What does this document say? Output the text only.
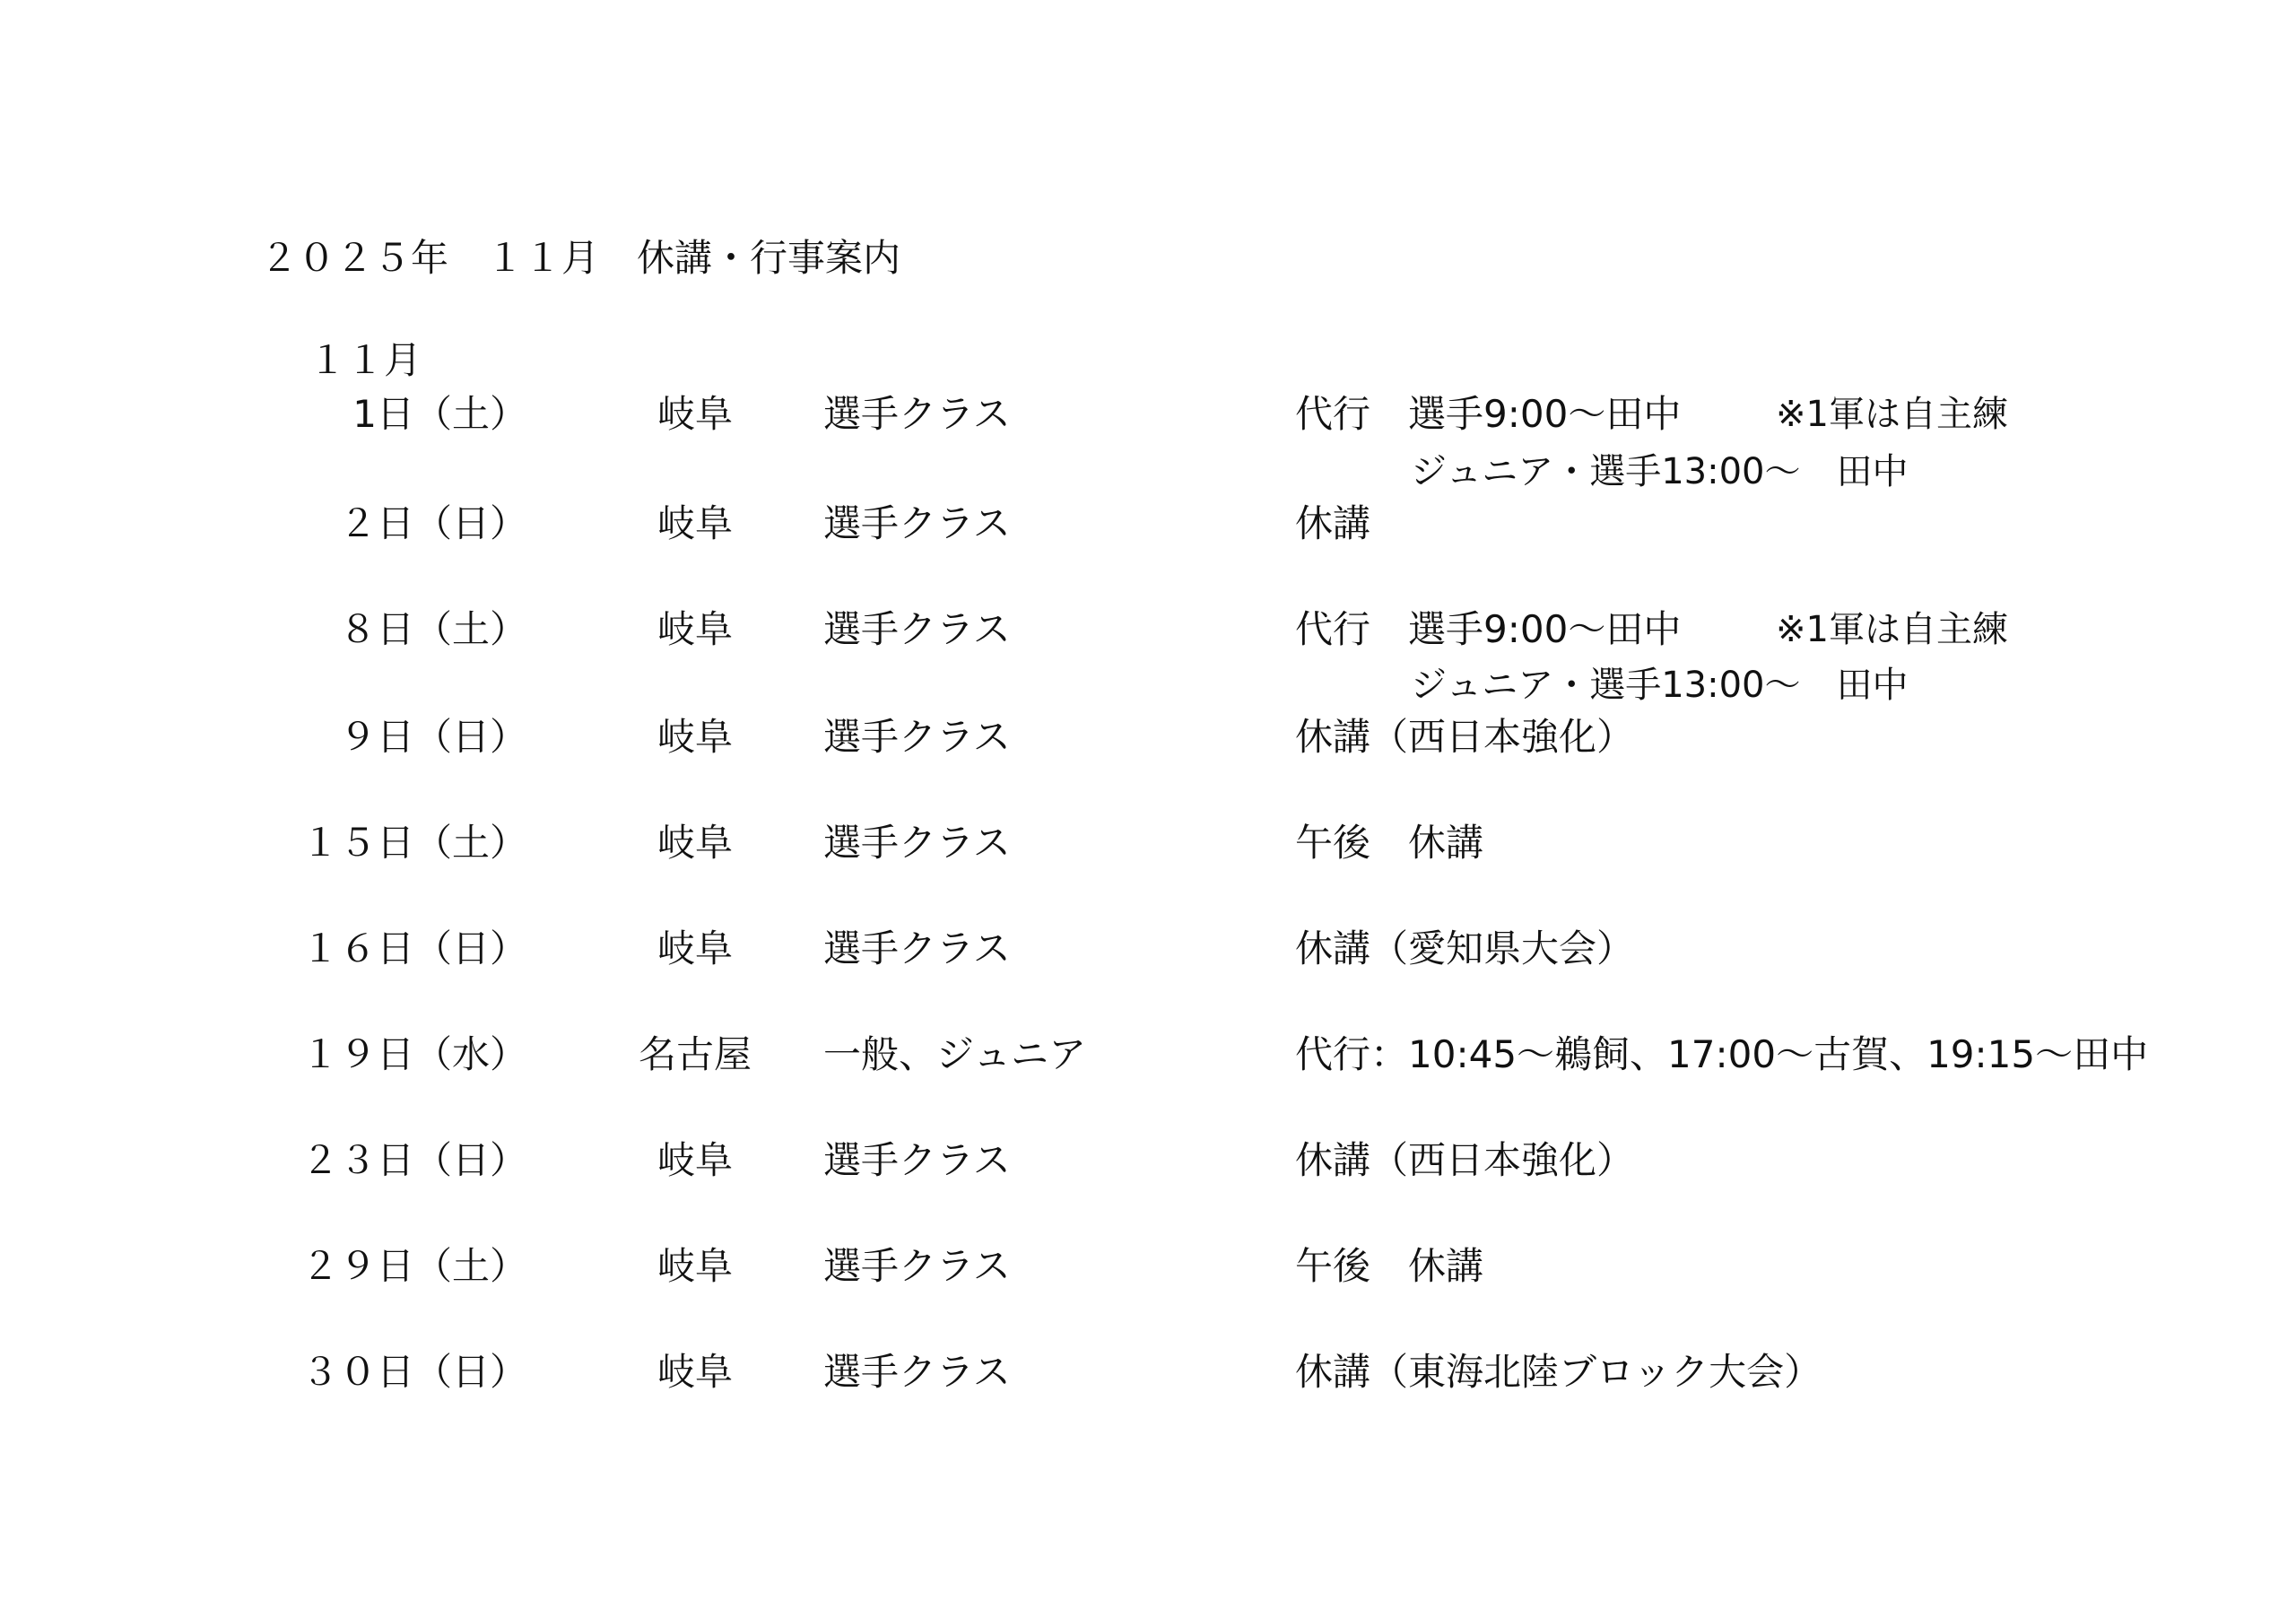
２０２５年　１１月　休講・行事案内
１１月
1日（土）	岐阜	選手クラス	代行　選手9:00〜田中	※1軍は自主練
ジュニア・選手13:00〜　田中
２日（日）	岐阜	選手クラス	休講
８日（土）	岐阜	選手クラス	代行　選手9:00〜田中	※1軍は自主練
ジュニア・選手13:00〜　田中
９日（日）	岐阜	選手クラス	休講（西日本強化）
１５日（土）	岐阜	選手クラス	午後　休講
１６日（日）	岐阜	選手クラス	休講（愛知県大会）
１９日（水）	名古屋	一般、ジュニア	代行：10:45〜鵜飼、17:00〜古賀、19:15〜田中
２３日（日）	岐阜	選手クラス	休講（西日本強化）
２９日（土）	岐阜	選手クラス	午後　休講
３０日（日）	岐阜	選手クラス	休講（東海北陸ブロック大会）
